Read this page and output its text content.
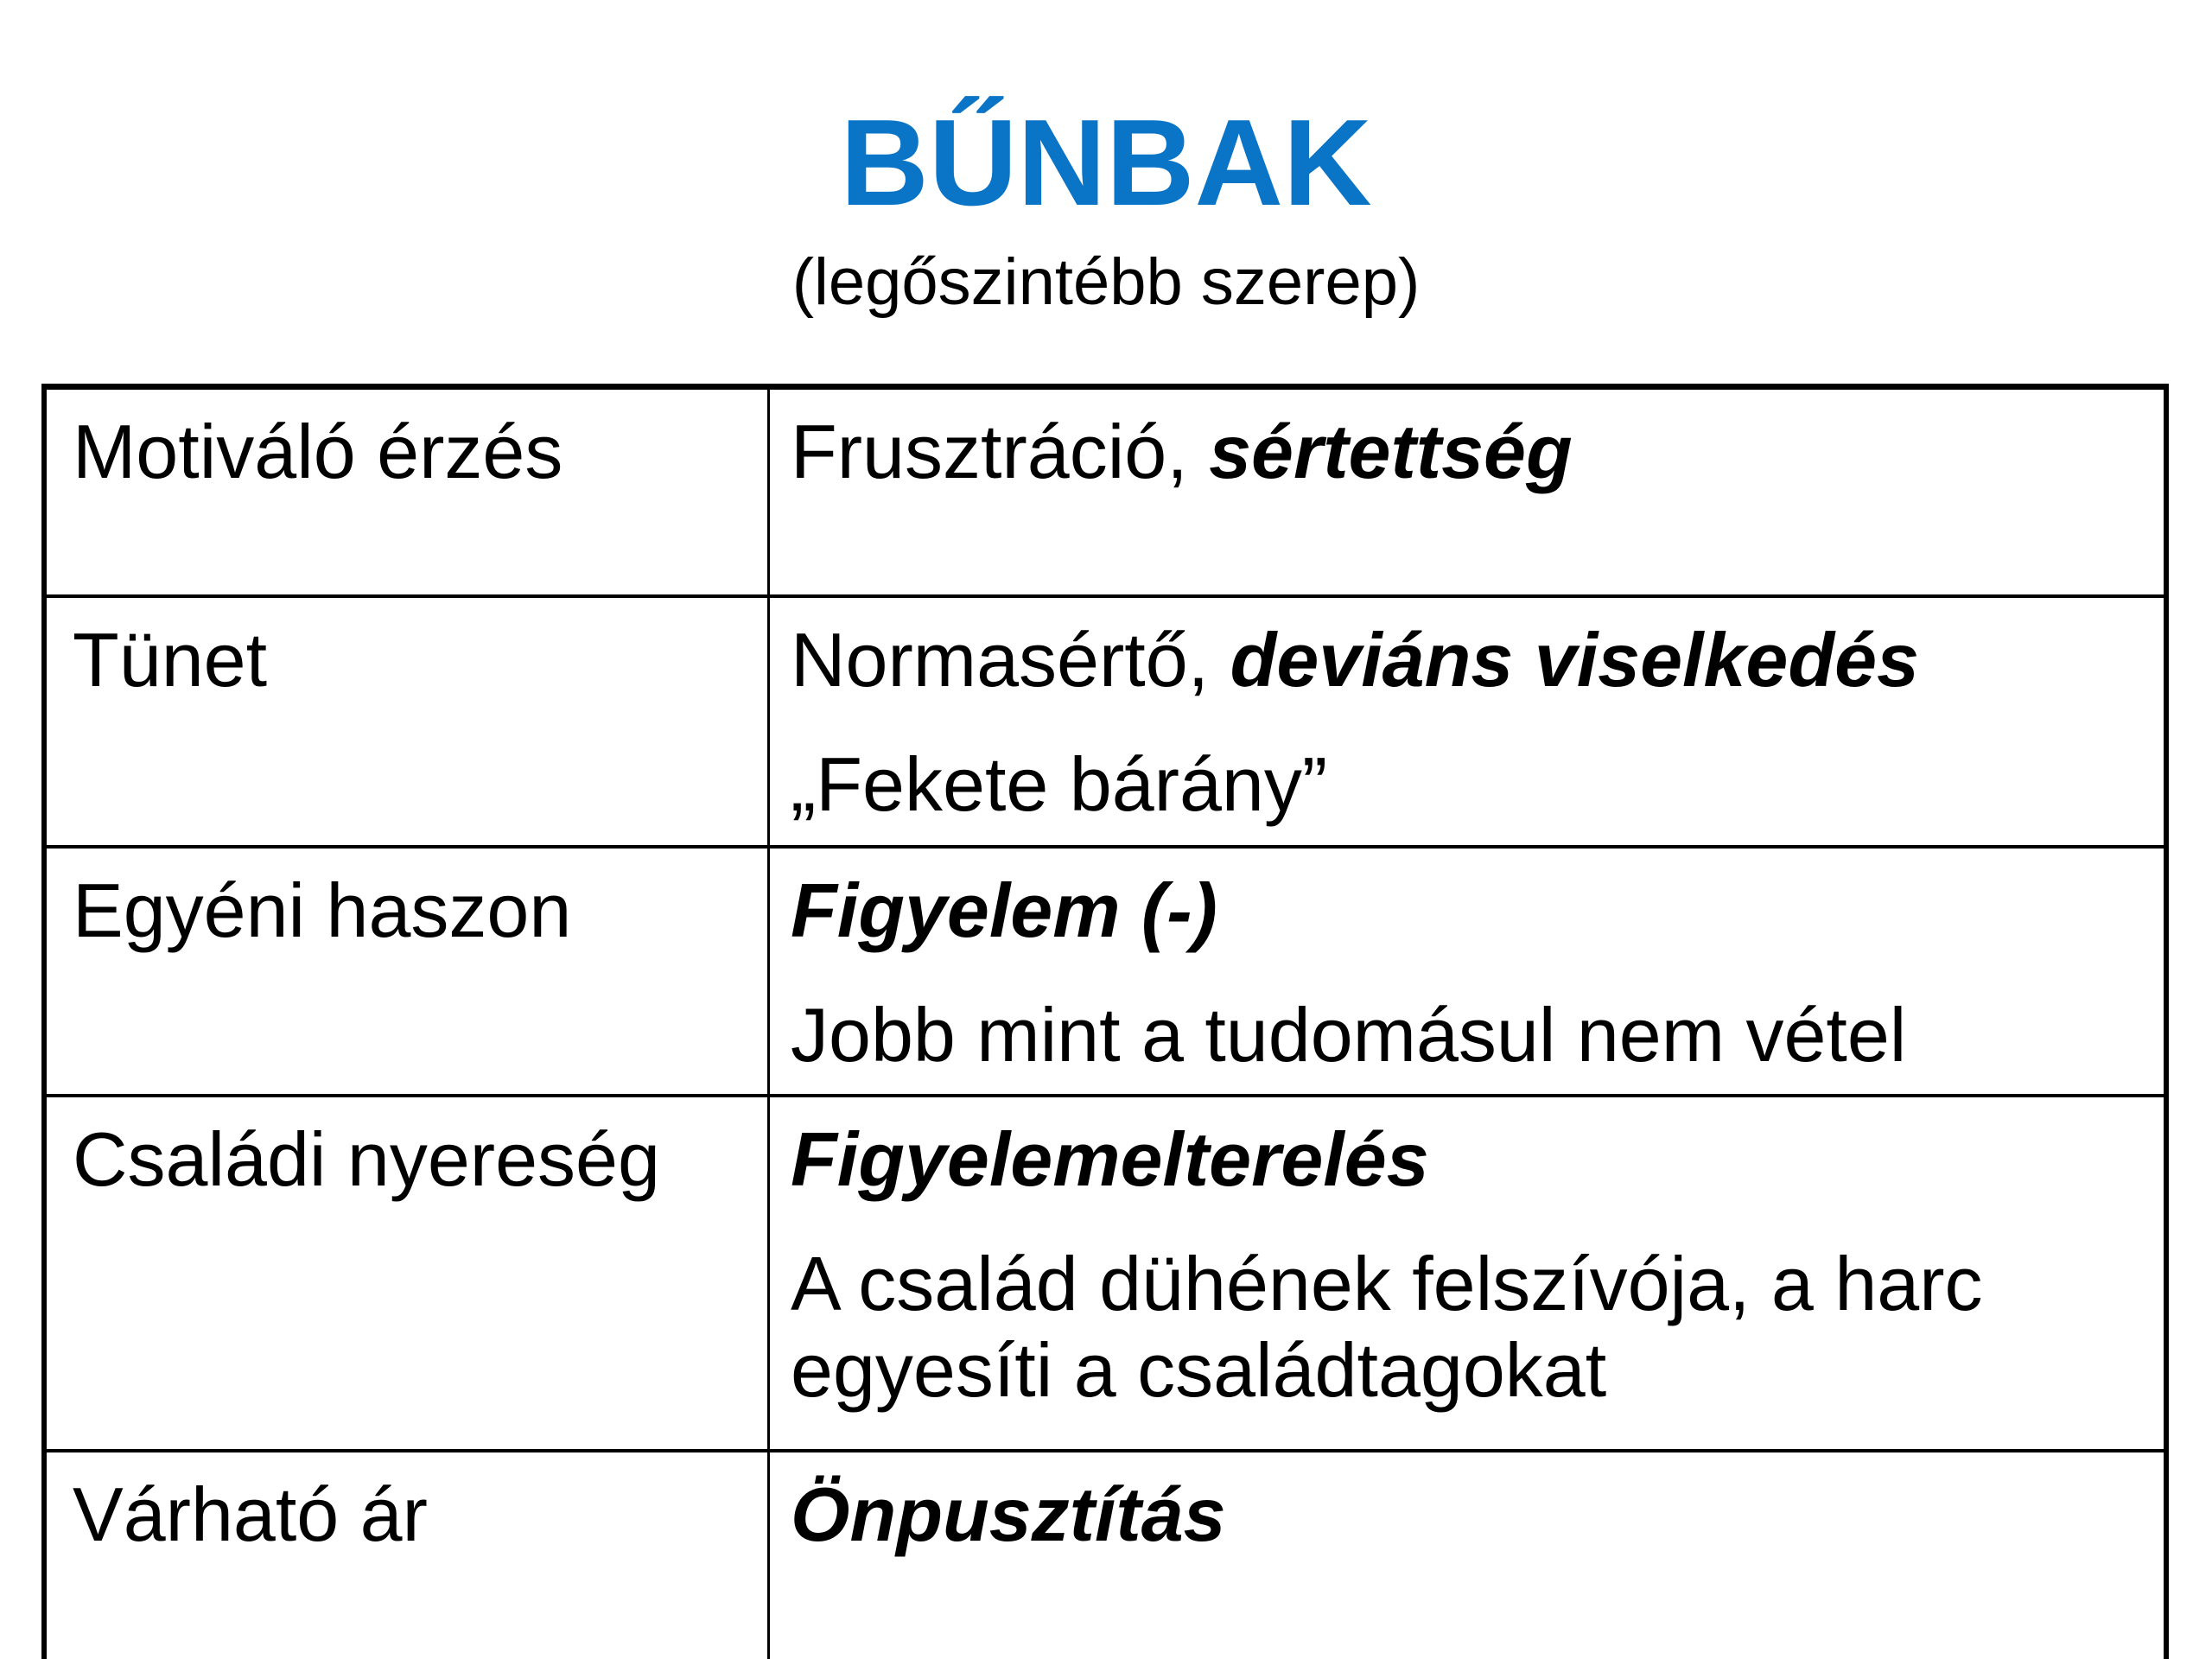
BŰNBAK
(legőszintébb szerep)
Motiváló érzés	Frusztráció, sértettség

Tünet	Normasértő, deviáns viselkedés
„Fekete bárány”

Egyéni haszon	Figyelem (-)
Jobb mint a tudomásul nem vétel

Családi nyereség	Figyelemelterelés
A család dühének felszívója, a harc egyesíti a családtagokat

Várható ár	Önpusztítás
